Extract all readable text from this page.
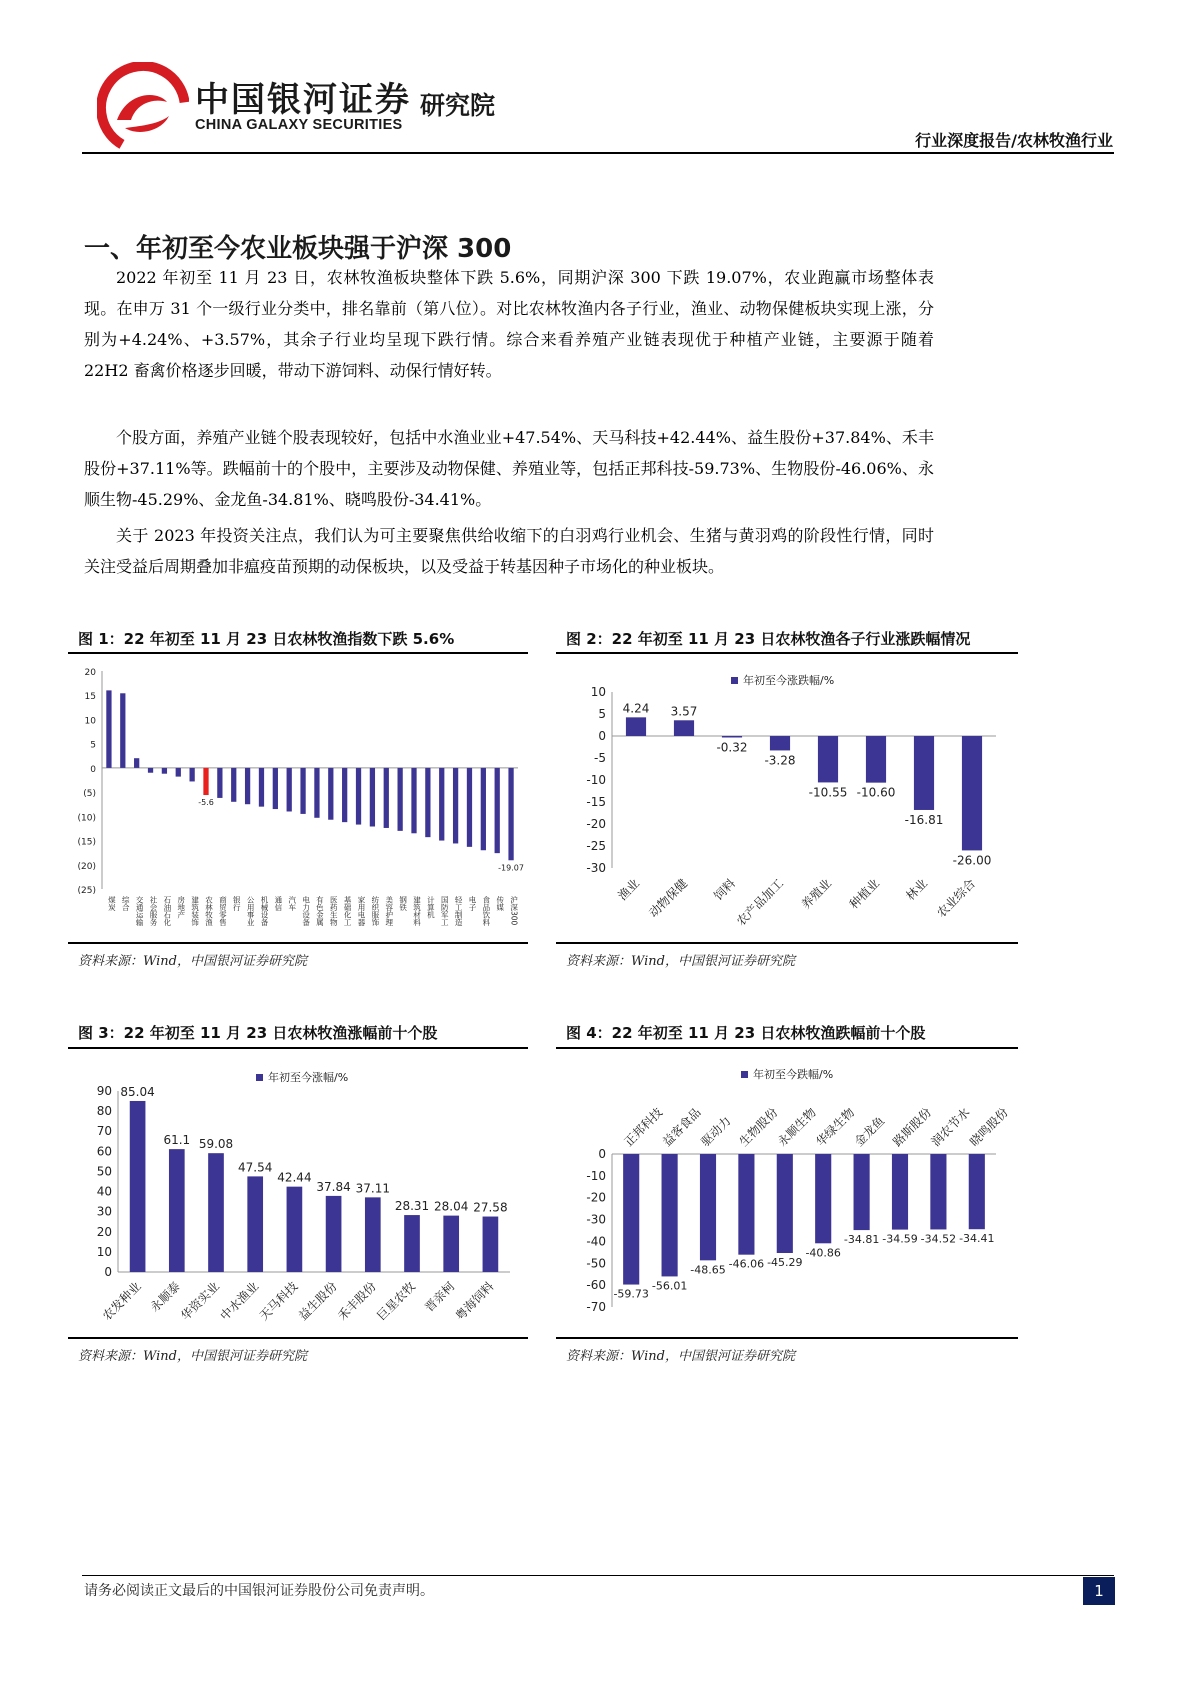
中国银河证券
CHINA GALAXY SECURITIES
研究院
行业深度报告/农林牧渔行业
一、年初至今农业板块强于沪深 300

2022 年初至 11 月 23 日，农林牧渔板块整体下跌 5.6%，同期沪深 300 下跌 19.07%，农业跑赢市场整体表现。在申万 31 个一级行业分类中，排名靠前（第八位）。对比农林牧渔内各子行业，渔业、动物保健板块实现上涨，分别为+4.24%、+3.57%，其余子行业均呈现下跌行情。综合来看养殖产业链表现优于种植产业链，主要源于随着 22H2 畜禽价格逐步回暖，带动下游饲料、动保行情好转。

个股方面，养殖产业链个股表现较好，包括中水渔业业+47.54%、天马科技+42.44%、益生股份+37.84%、禾丰股份+37.11%等。跌幅前十的个股中，主要涉及动物保健、养殖业等，包括正邦科技-59.73%、生物股份-46.06%、永顺生物-45.29%、金龙鱼-34.81%、晓鸣股份-34.41%。

关于 2023 年投资关注点，我们认为可主要聚焦供给收缩下的白羽鸡行业机会、生猪与黄羽鸡的阶段性行情，同时关注受益后周期叠加非瘟疫苗预期的动保板块，以及受益于转基因种子市场化的种业板块。

图 1：22 年初至 11 月 23 日农林牧渔指数下跌 5.6%
20
15
10
5
0
(5)
(10)
(15)
(20)
(25)
煤炭 综合 交通运输 社会服务 石油石化 房地产 建筑装饰
-5.6
农林牧渔 商贸零售 银行 公用事业 机械设备 通信 汽车 电力设备 有色金属 医药生物 基础化工 家用电器 纺织服饰 美容护理 钢铁 建筑材料 计算机 国防军工 轻工制造 电子 食品饮料 传媒
-19.07
沪深300
资料来源：Wind，中国银河证券研究院
图 2：22 年初至 11 月 23 日农林牧渔各子行业涨跌幅情况
10
5
0
-5
-10
-15
-20
-25
-30
年初至今涨跌幅/%
4.24
渔业
3.57
动物保健
-0.32
饲料
-3.28
农产品加工
-10.55
养殖业
-10.60
种植业
-16.81
林业
-26.00
农业综合
资料来源：Wind，中国银河证券研究院
图 3：22 年初至 11 月 23 日农林牧渔涨幅前十个股
90
80
70
60
50
40
30
20
10
0
年初至今涨幅/%
85.04
农发种业
61.1
永顺泰
59.08
华资实业
47.54
中水渔业
42.44
天马科技
37.84
益生股份
37.11
禾丰股份
28.31
巨星农牧
28.04
晋亲柯
27.58
粤海饲料
资料来源：Wind，中国银河证券研究院
图 4：22 年初至 11 月 23 日农林牧渔跌幅前十个股
0
-10
-20
-30
-40
-50
-60
-70
年初至今跌幅/%
-59.73
正邦科技
-56.01
益客食品
-48.65
驱动力
-46.06
生物股份
-45.29
永顺生物
-40.86
华绿生物
-34.81
金龙鱼
-34.59
路斯股份
-34.52
润农节水
-34.41
晓鸣股份
资料来源：Wind，中国银河证券研究院
请务必阅读正文最后的中国银河证券股份公司免责声明。	1
